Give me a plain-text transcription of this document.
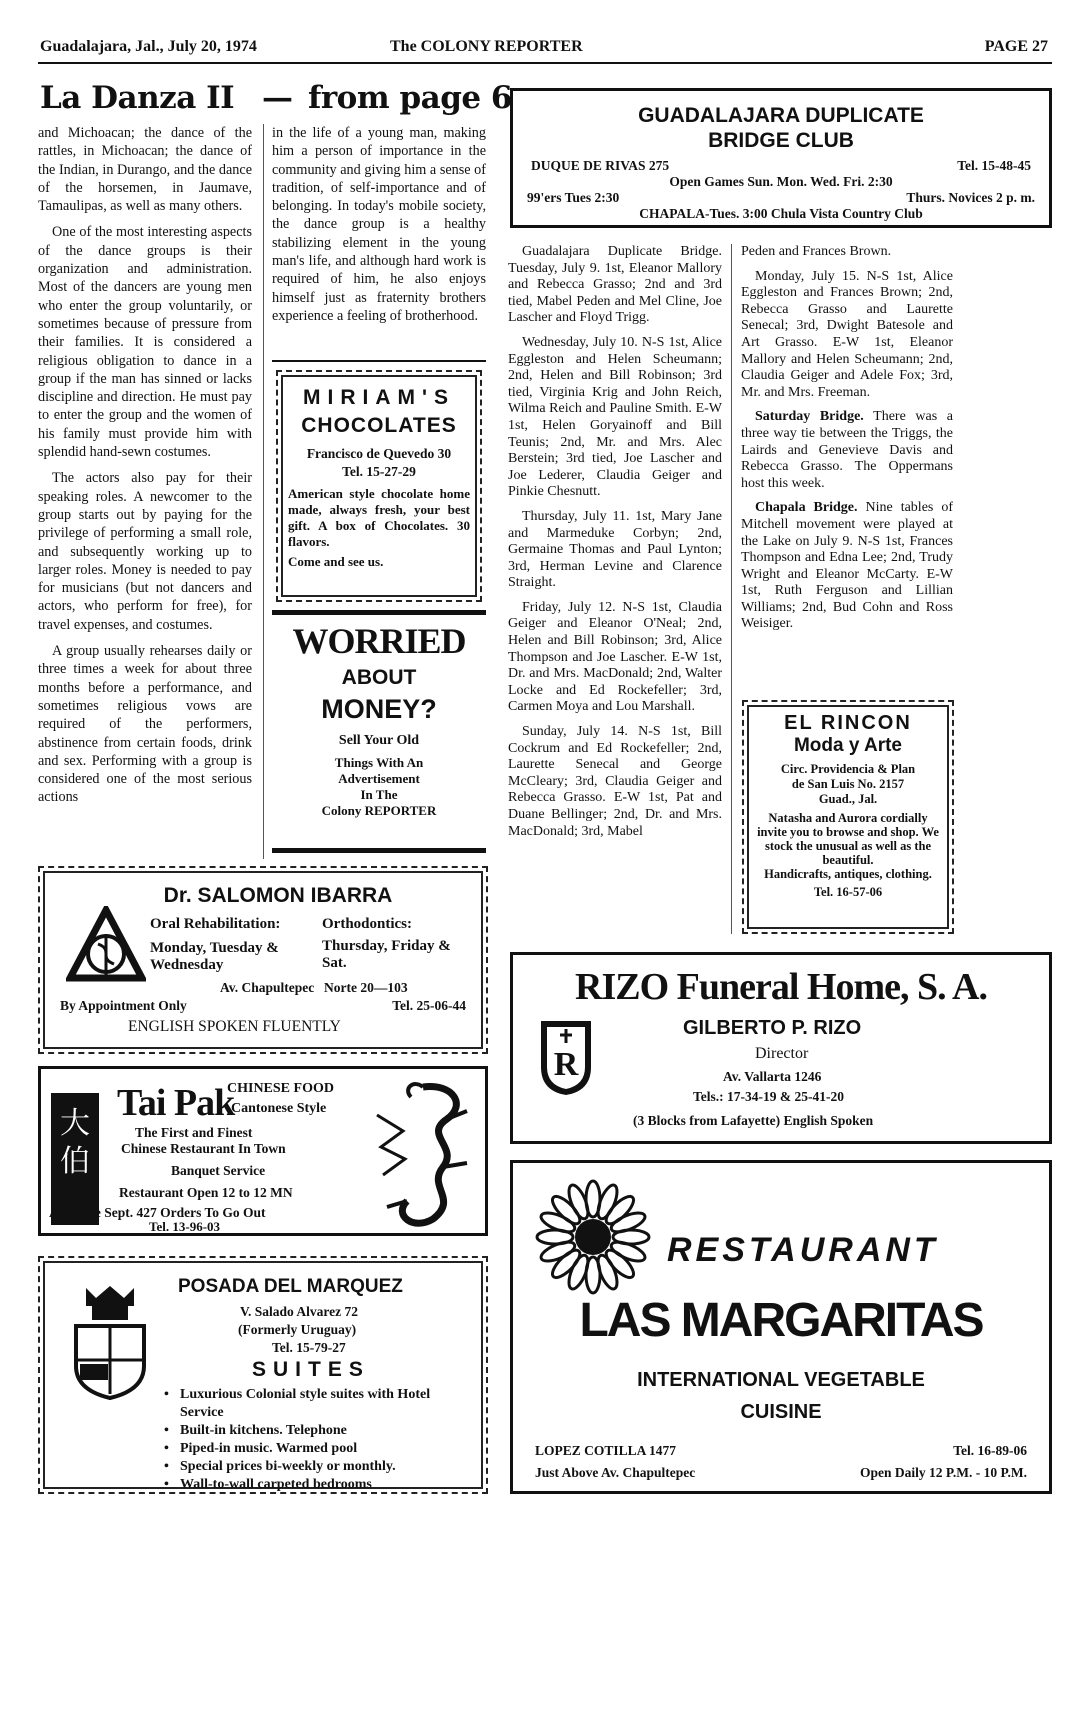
Guadalajara, Jal., July 20, 1974	The COLONY REPORTER	PAGE 27
La Danza II — from page 6

and Michoacan; the dance of the rattles, in Michoacan; the dance of the Indian, in Durango, and the dance of the horsemen, in Jaumave, Tamaulipas, as well as many others.

One of the most interesting aspects of the dance groups is their organization and administration. Most of the dancers are young men who enter the group voluntarily, or sometimes because of pressure from their families. It is considered a religious obligation to dance in a group if the man has sinned or lacks discipline and direction. He must pay to enter the group and the women of his family must provide him with splendid hand-sewn costumes.

The actors also pay for their speaking roles. A newcomer to the group starts out by paying for the privilege of performing a small role, and subsequently working up to larger roles. Money is needed to pay for musicians (but not dancers and actors, who perform for free), for travel expenses, and costumes.

A group usually rehearses daily or three times a week for about three months before a performance, and sometimes religious vows are required of the performers, abstinence from certain foods, drink and sex. Performing with a group is considered one of the most serious actions

in the life of a young man, making him a person of importance in the community and giving him a sense of tradition, of self-importance and of belonging. In today's mobile society, the dance group is a healthy stabilizing element in the young man's life, and although hard work is required of him, he also enjoys himself just as fraternity brothers experience a feeling of brotherhood.

MIRIAM'S
CHOCOLATES
Francisco de Quevedo 30
Tel. 15-27-29
American style chocolate home made, always fresh, your best gift. A box of Chocolates. 30 flavors.
Come and see us.
WORRIED
ABOUT
MONEY?
Sell Your Old
Things With An
Advertisement
In The
Colony REPORTER
GUADALAJARA DUPLICATE
BRIDGE CLUB
DUQUE DE RIVAS 275	Tel. 15-48-45
Open Games Sun. Mon. Wed. Fri. 2:30
99'ers Tues 2:30	Thurs. Novices 2 p. m.
CHAPALA-Tues. 3:00 Chula Vista Country Club

Guadalajara Duplicate Bridge. Tuesday, July 9. 1st, Eleanor Mallory and Rebecca Grasso; 2nd and 3rd tied, Mabel Peden and Mel Cline, Joe Lascher and Floyd Trigg.

Wednesday, July 10. N-S 1st, Alice Eggleston and Helen Scheumann; 2nd, Helen and Bill Robinson; 3rd tied, Virginia Krig and John Reich, Wilma Reich and Pauline Smith. E-W 1st, Helen Goryainoff and Bill Teunis; 2nd, Mr. and Mrs. Alec Berstein; 3rd tied, Joe Lascher and Joe Lederer, Claudia Geiger and Pinkie Chesnutt.

Thursday, July 11. 1st, Mary Jane and Marmeduke Corbyn; 2nd, Germaine Thomas and Paul Lynton; 3rd, Herman Levine and Clarence Straight.

Friday, July 12. N-S 1st, Claudia Geiger and Eleanor O'Neal; 2nd, Helen and Bill Robinson; 3rd, Alice Thompson and Joe Lascher. E-W 1st, Dr. and Mrs. MacDonald; 2nd, Walter Locke and Ed Rockefeller; 3rd, Carmen Moya and Lou Marshall.

Sunday, July 14. N-S 1st, Bill Cockrum and Ed Rockefeller; 2nd, Laurette Senecal and George McCleary; 3rd, Claudia Geiger and Rebecca Grasso. E-W 1st, Pat and Duane Bellinger; 2nd, Dr. and Mrs. MacDonald; 3rd, Mabel

Peden and Frances Brown.

Monday, July 15. N-S 1st, Alice Eggleston and Frances Brown; 2nd, Rebecca Grasso and Laurette Senecal; 3rd, Dwight Batesole and Art Grasso. E-W 1st, Eleanor Mallory and Helen Scheumann; 2nd, Claudia Geiger and Adele Fox; 3rd, Mr. and Mrs. Freeman.

Saturday Bridge. There was a three way tie between the Triggs, the Lairds and Genevieve Davis and Rebecca Grasso. The Oppermans host this week.

Chapala Bridge. Nine tables of Mitchell movement were played at the Lake on July 9. N-S 1st, Frances Thompson and Edna Lee; 2nd, Trudy Wright and Eleanor McCarty. E-W 1st, Ruth Ferguson and Lillian Williams; 2nd, Bud Cohn and Ross Weisiger.

EL RINCON
Moda y Arte
Circ. Providencia & Plan
de San Luis No. 2157
Guad., Jal.
Natasha and Aurora cordially invite you to browse and shop. We stock the unusual as well as the beautiful.
Handicrafts, antiques, clothing.
Tel. 16-57-06
Dr. SALOMON IBARRA
Oral Rehabilitation:	Orthodontics:
Monday, Tuesday & Wednesday
Thursday, Friday & Sat.
Av. Chapultepec Norte 20—103
By Appointment Only	Tel. 25-06-44
ENGLISH SPOKEN FLUENTLY
RIZO Funeral Home, S. A.
R
GILBERTO P. RIZO
Director
Av. Vallarta 1246
Tels.: 17-34-19 & 25-41-20
(3 Blocks from Lafayette) English Spoken
大
伯
Tai Pak
CHINESE FOOD
Cantonese Style
The First and Finest
Chinese Restaurant In Town
Banquet Service
Restaurant Open 12 to 12 MN
Av. 16 de Sept. 427 Orders To Go Out
Tel. 13-96-03
POSADA DEL MARQUEZ
V. Salado Alvarez 72
(Formerly Uruguay)
Tel. 15-79-27
SUITES
• Luxurious Colonial style suites with Hotel Service
• Built-in kitchens. Telephone
• Piped-in music. Warmed pool
• Special prices bi-weekly or monthly.
• Wall-to-wall carpeted bedrooms
RESTAURANT
LAS MARGARITAS
INTERNATIONAL VEGETABLE
CUISINE
LOPEZ COTILLA 1477	Tel. 16-89-06
Just Above Av. Chapultepec	Open Daily 12 P.M. - 10 P.M.
